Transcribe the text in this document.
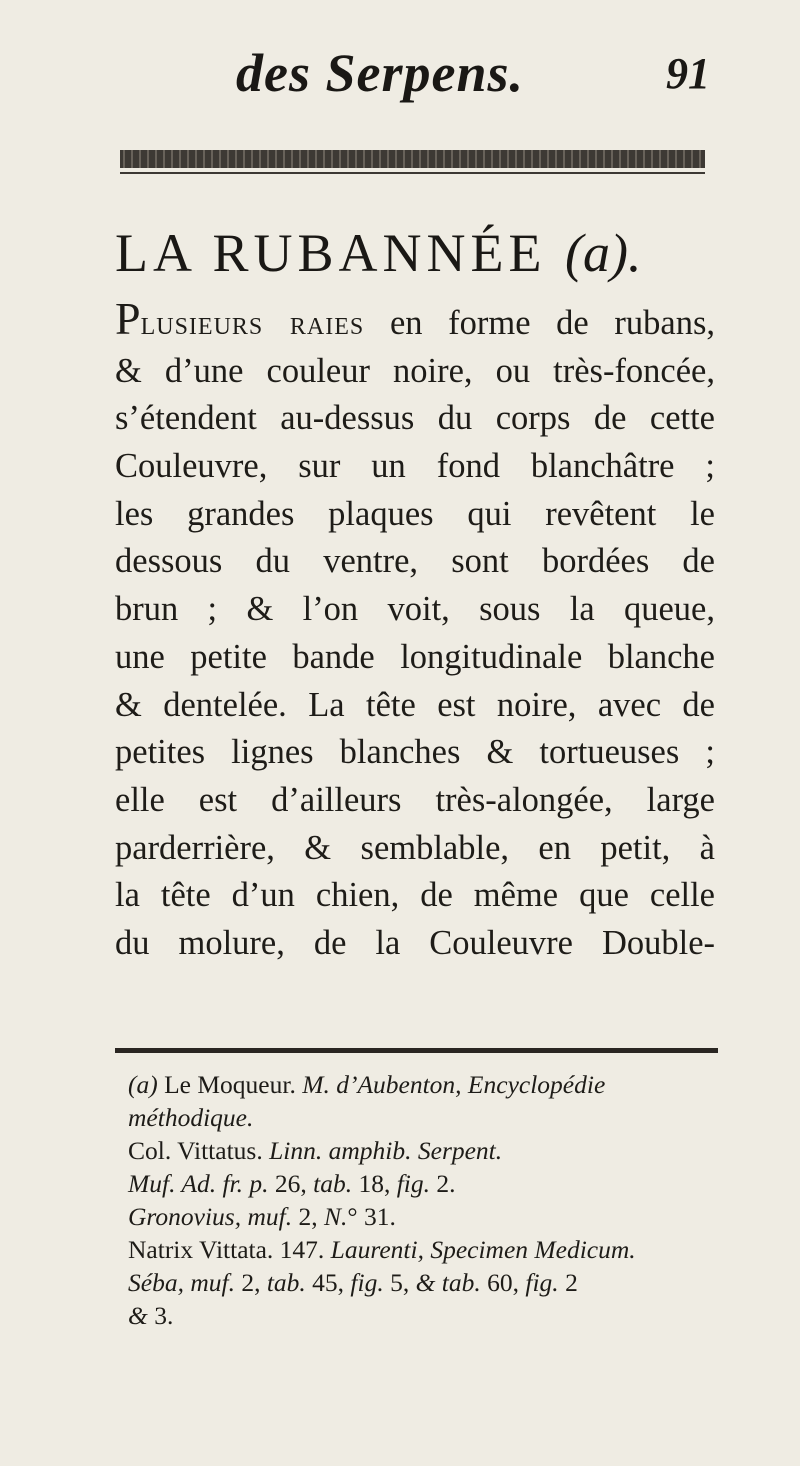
des Serpens.	91
LA RUBANNÉE (a).
Plusieurs raies en forme de rubans,
& d’une couleur noire, ou très-foncée,
s’étendent au-dessus du corps de cette
Couleuvre, sur un fond blanchâtre ;
les grandes plaques qui revêtent le
dessous du ventre, sont bordées de
brun ; & l’on voit, sous la queue,
une petite bande longitudinale blanche
& dentelée. La tête est noire, avec de
petites lignes blanches & tortueuses ;
elle est d’ailleurs très-alongée, large
parderrière, & semblable, en petit, à
la tête d’un chien, de même que celle
du molure, de la Couleuvre Double-
(a) Le Moqueur. M. d’Aubenton, Encyclopédie
méthodique.
Col. Vittatus. Linn. amphib. Serpent.
Muf. Ad. fr. p. 26, tab. 18, fig. 2.
Gronovius, muf. 2, N.° 31.
Natrix Vittata. 147. Laurenti, Specimen Medicum.
Séba, muf. 2, tab. 45, fig. 5, & tab. 60, fig. 2
& 3.
